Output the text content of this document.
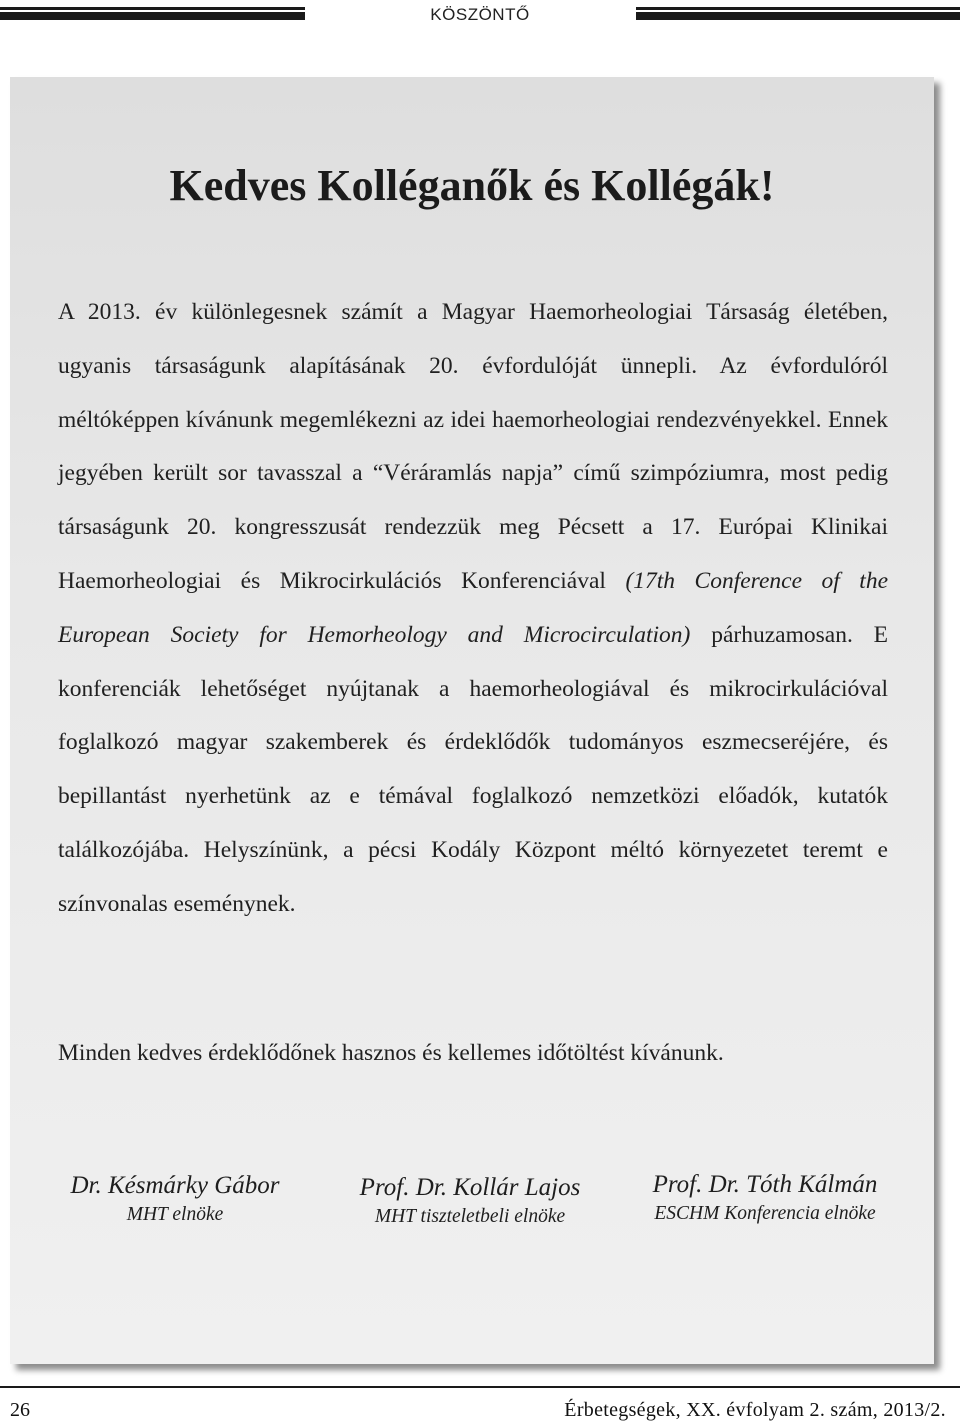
KÖSZÖNTŐ
Kedves Kolléganők és Kollégák!

A 2013. év különlegesnek számít a Magyar Haemorheologiai Társaság életében, ugyanis társaságunk alapításának 20. évfordulóját ünnepli. Az évfordulóról méltóképpen kívánunk megemlékezni az idei haemorheologiai rendezvényekkel. Ennek jegyében került sor tavasszal a “Véráramlás napja” című szimpóziumra, most pedig társaságunk 20. kongresszusát rendezzük meg Pécsett a 17. Európai Klinikai Haemorheologiai és Mikrocirkulációs Konferenciával (17th Conference of the European Society for Hemorheology and Microcirculation) párhuzamosan. E konferenciák lehetőséget nyújtanak a haemorheologiával és mikrocirkulációval foglalkozó magyar szakemberek és érdeklődők tudományos eszmecseréjére, és bepillantást nyerhetünk az e témával foglalkozó nemzetközi előadók, kutatók találkozójába. Helyszínünk, a pécsi Kodály Központ méltó környezetet teremt e színvonalas eseménynek.

Minden kedves érdeklődőnek hasznos és kellemes időtöltést kívánunk.
Dr. Késmárky Gábor
MHT elnöke
Prof. Dr. Kollár Lajos
MHT tiszteletbeli elnöke
Prof. Dr. Tóth Kálmán
ESCHM Konferencia elnöke
26	Érbetegségek, XX. évfolyam 2. szám, 2013/2.
